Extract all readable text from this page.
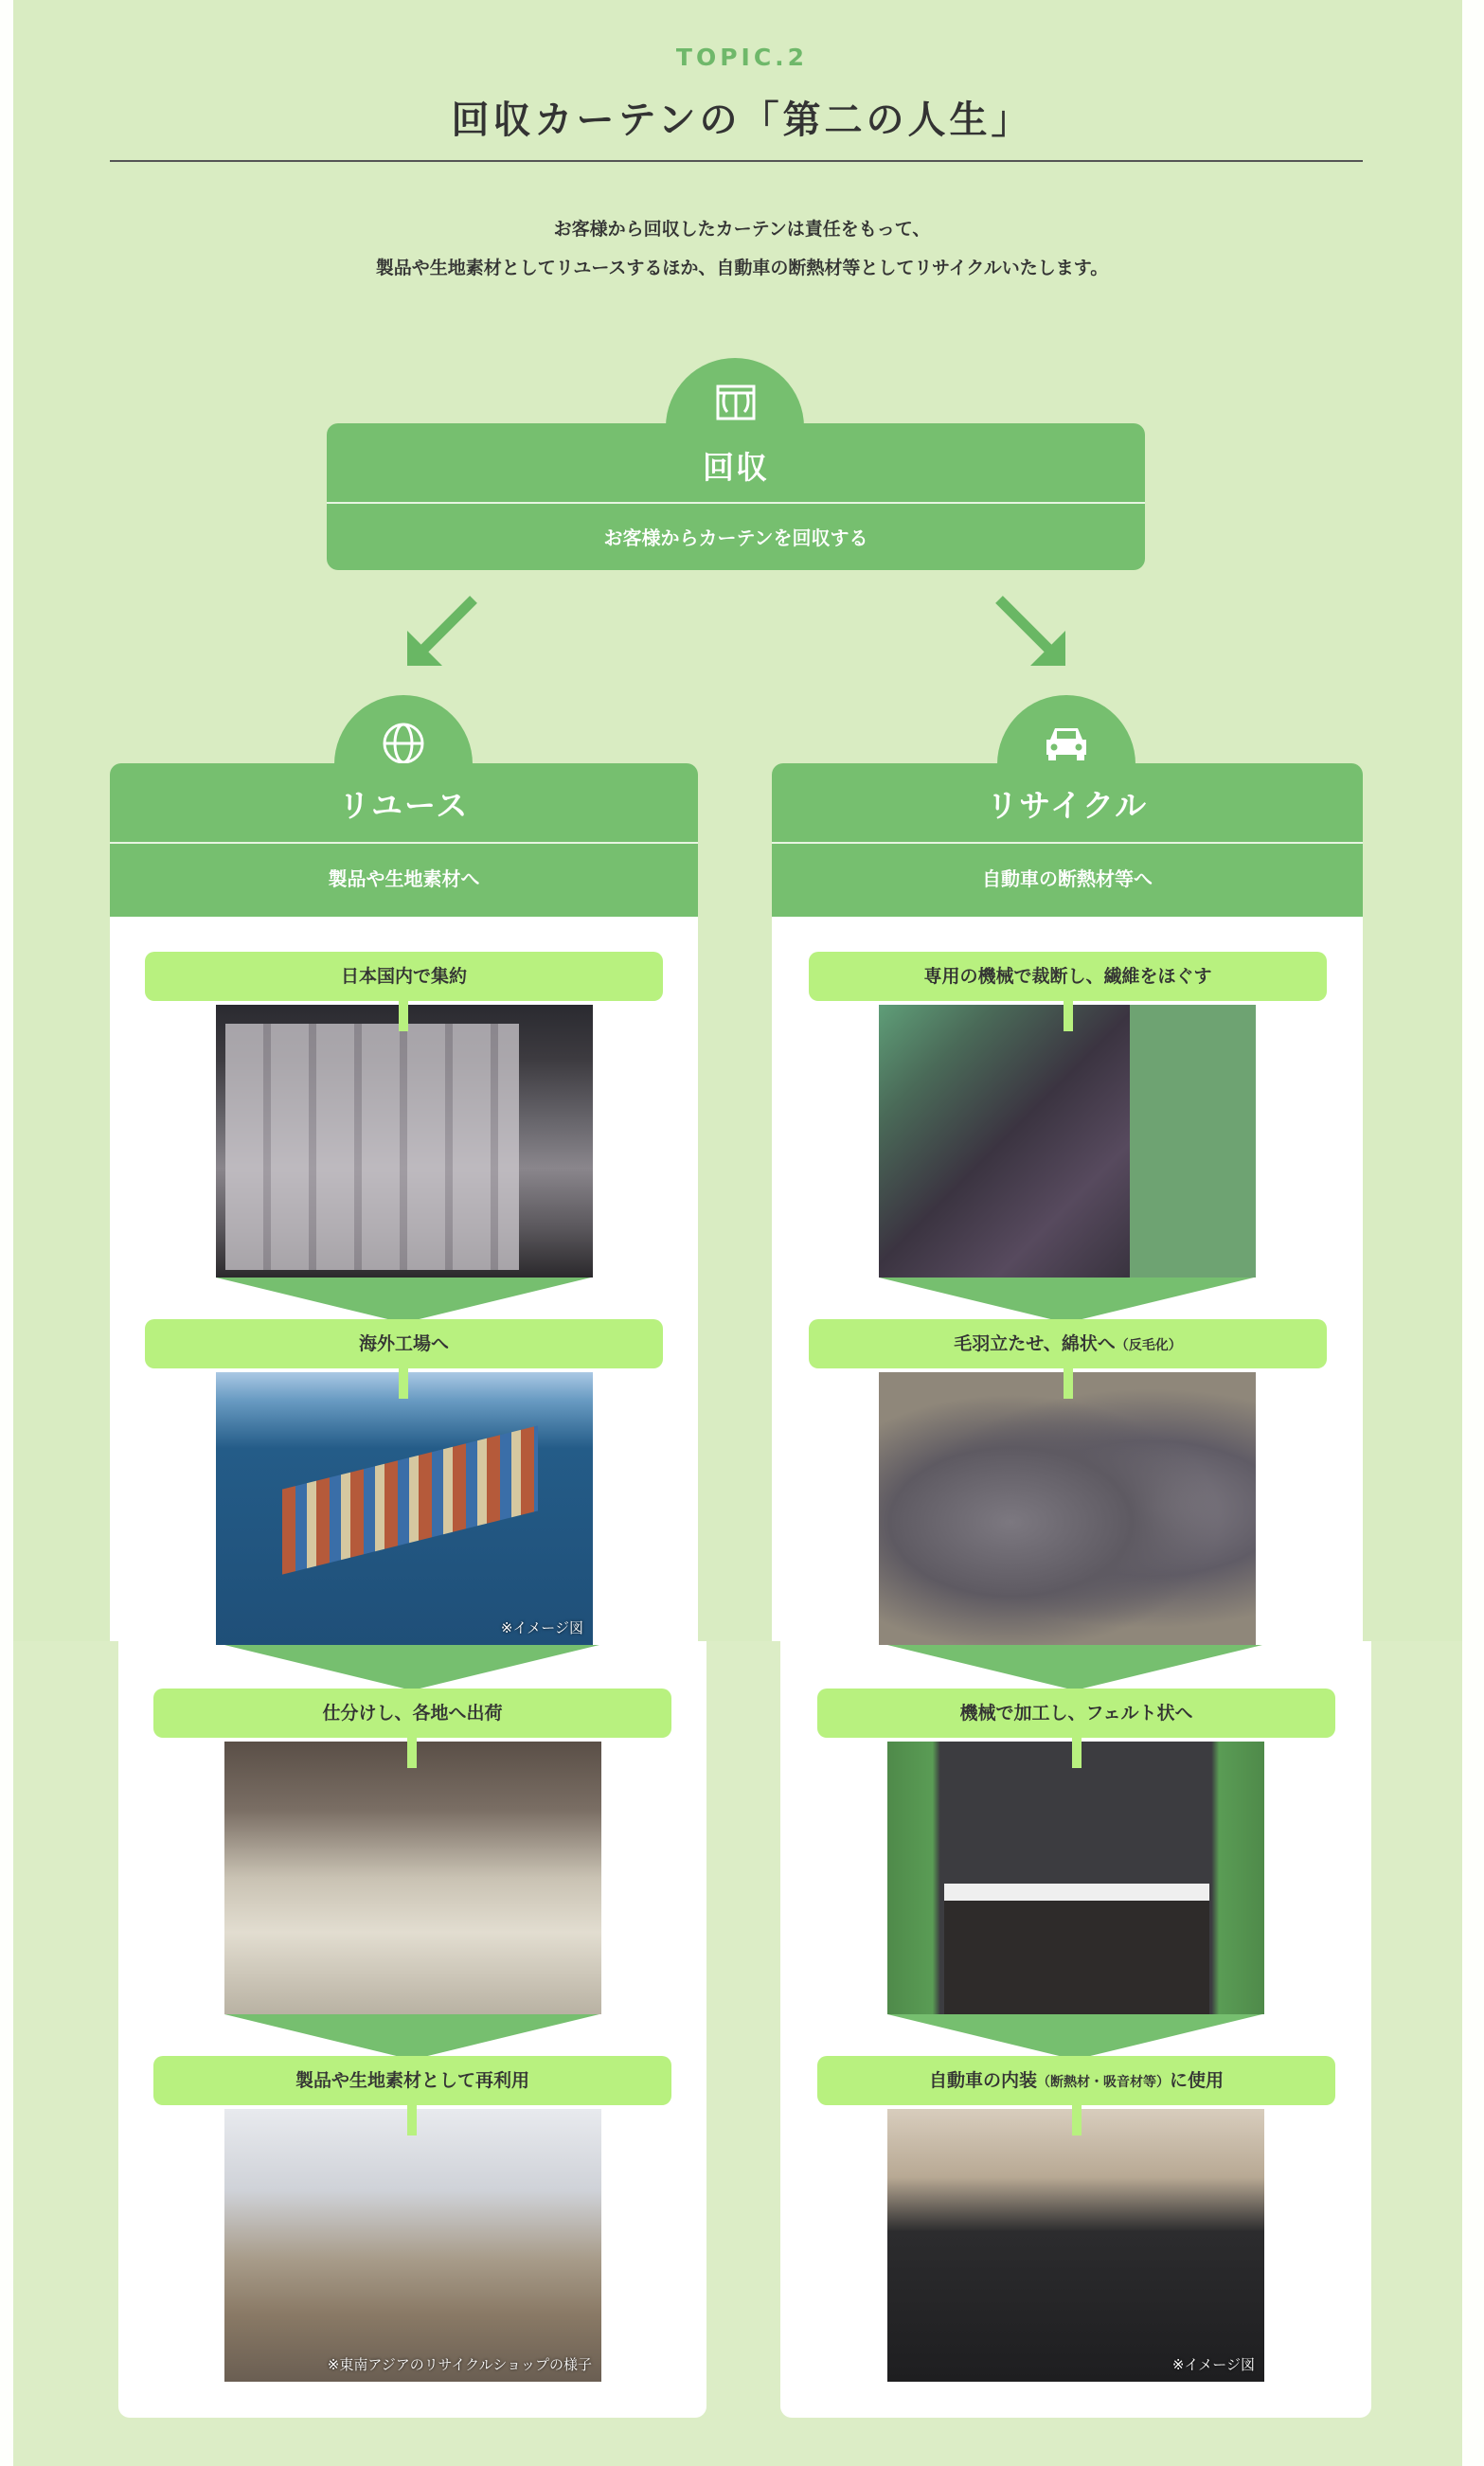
TOPIC.2
回収カーテンの「第二の人生」
お客様から回収したカーテンは責任をもって、
製品や生地素材としてリユースするほか、自動車の断熱材等としてリサイクルいたします。
回収
お客様からカーテンを回収する
リユース
製品や生地素材へ
日本国内で集約
海外工場へ
※イメージ図
仕分けし、各地へ出荷
製品や生地素材として再利用
※東南アジアのリサイクルショップの様子
リサイクル
自動車の断熱材等へ
専用の機械で裁断し、繊維をほぐす
毛羽立たせ、綿状へ（反毛化）
機械で加工し、フェルト状へ
自動車の内装（断熱材・吸音材等）に使用
※イメージ図
